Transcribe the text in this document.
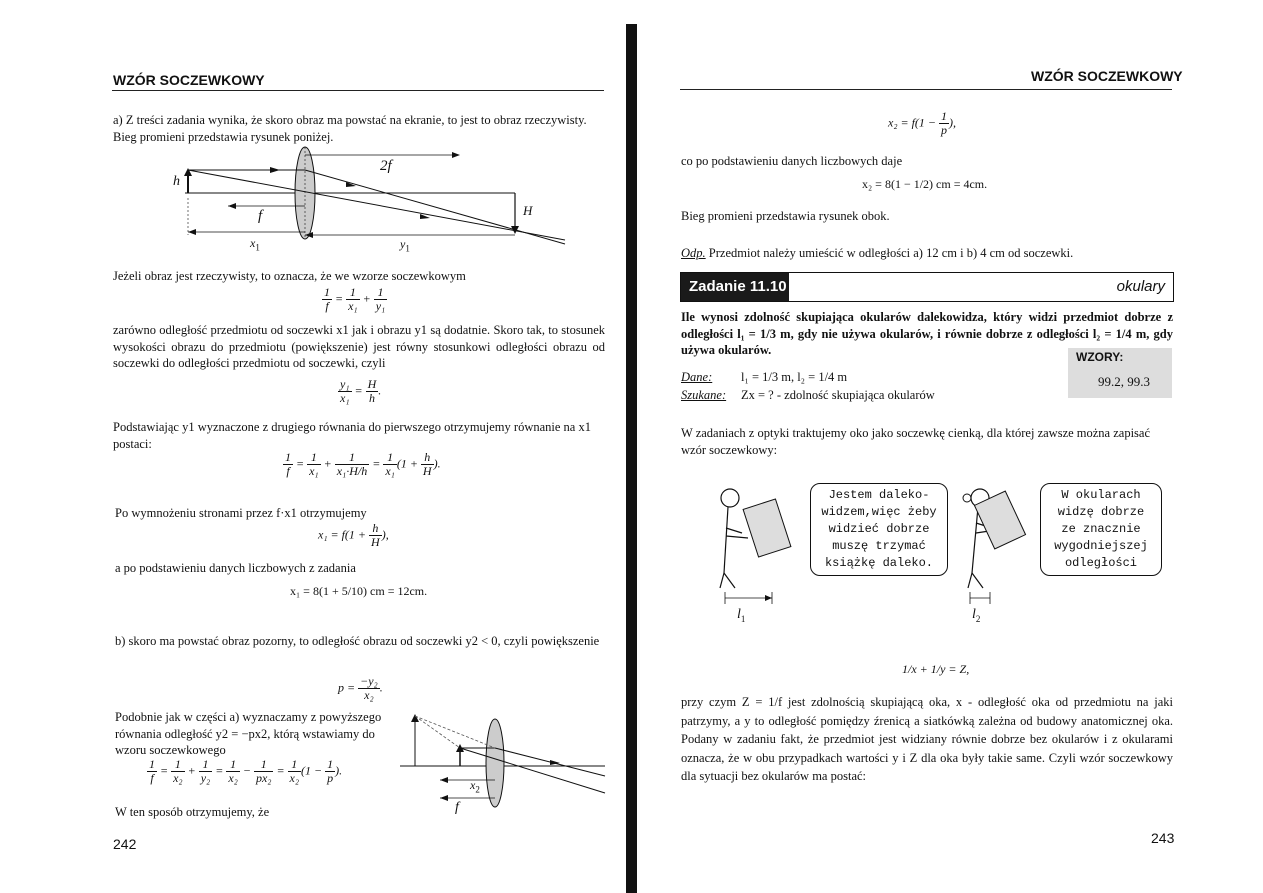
WZÓR SOCZEWKOWY
a) Z treści zadania wynika, że skoro obraz ma powstać na ekranie, to jest to obraz rzeczywisty. Bieg promieni przedstawia rysunek poniżej.
h
2f
f	H
$x_1$	$y_1$
Jeżeli obraz jest rzeczywisty, to oznacza, że we wzorze soczewkowym
$\frac{1}{f} = \frac{1}{\text{x₁}} + \frac{1}{\text{y₁}}$
zarówno odległość przedmiotu od soczewki x1 jak i obrazu y1 są dodatnie. Skoro tak, to stosunek wysokości obrazu do przedmiotu (powiększenie) jest równy stosunkowi odległości obrazu od soczewki do odległości przedmiotu od soczewki, czyli
$\frac{\text{y₁}}{\text{x₁}} = \frac{H}{h}$ .
Podstawiając y1 wyznaczone z drugiego równania do pierwszego otrzymujemy równanie na x1 postaci:
$\frac{1}{f} = \frac{1}{\text{x₁}} + \frac{1}{\text{x₁·H/h}} = \frac{1}{\text{x₁}} (1 + \frac{h}{H}$ ).
Po wymnożeniu stronami przez f·x1 otrzymujemy
$x_1 = f(1 + \frac{h}{H}$ ),
a po podstawieniu danych liczbowych z zadania
x₁ = 8(1 + 5/10) cm = 12cm.
b) skoro ma powstać obraz pozorny, to odległość obrazu od soczewki y2 < 0, czyli powiększenie
$p = \frac{\text{−y₂}}{\text{x₂}}$ .
Podobnie jak w części a) wyznaczamy z powyższego równania odległość y2 = −px2, którą wstawiamy do wzoru soczewkowego
$\frac{1}{f} = \frac{1}{\text{x₂}} + \frac{1}{\text{y₂}} = \frac{1}{\text{x₂}} - \frac{1}{\text{px₂}} = \frac{1}{\text{x₂}} (1 - \frac{1}{p}$ ).
W ten sposób otrzymujemy, że
$x_2$
f
242
WZÓR SOCZEWKOWY
$x_2 = f(1 - \frac{1}{p}$ ),
co po podstawieniu danych liczbowych daje
x₂ = 8(1 − 1/2) cm = 4cm.
Bieg promieni przedstawia rysunek obok.
Odp. Przedmiot należy umieścić w odległości a) 12 cm i b) 4 cm od soczewki.
Zadanie 11.10	okulary
Ile wynosi zdolność skupiająca okularów dalekowidza, który widzi przedmiot dobrze z odległości l₁ = 1/3 m, gdy nie używa okularów, i równie dobrze z odległości l₂ = 1/4 m, gdy używa okularów.	WZORY:
99.2, 99.3
Dane: l₁ = 1/3 m, l₂ = 1/4 m
Szukane: Zx = ? - zdolność skupiająca okularów
W zadaniach z optyki traktujemy oko jako soczewkę cienką, dla której zawsze można zapisać wzór soczewkowy:
Jestem daleko-
widzem,więc żeby
widzieć dobrze
muszę trzymać
książkę daleko.
W okularach
widzę dobrze
ze znacznie
wygodniejszej
odległości
$l_1$	$l_2$
1/x + 1/y = Z,
przy czym Z = 1/f jest zdolnością skupiającą oka, x - odległość oka od przedmiotu na jaki patrzymy, a y to odległość pomiędzy źrenicą a siatkówką zależna od budowy anatomicznej oka. Podany w zadaniu fakt, że przedmiot jest widziany równie dobrze bez okularów i z okularami oznacza, że w obu przypadkach wartości y i Z dla oka były takie same. Czyli wzór soczewkowy dla sytuacji bez okularów ma postać:
243
